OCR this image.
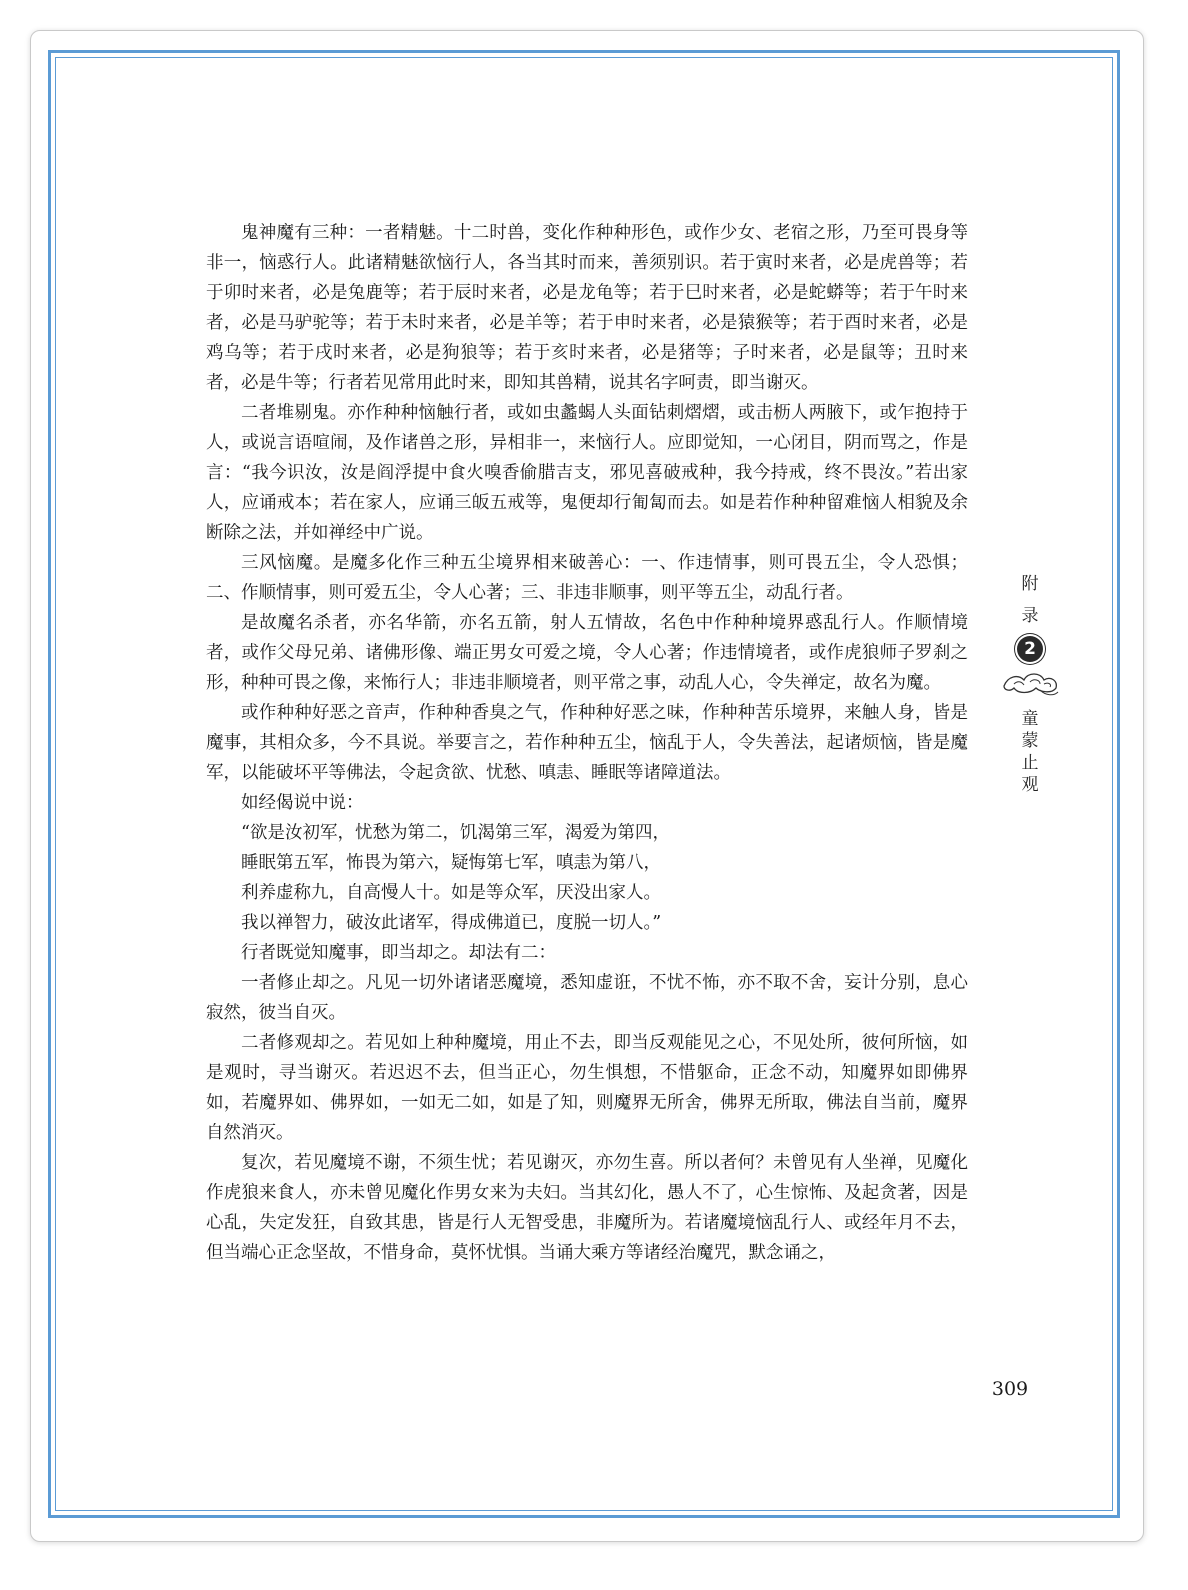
鬼神魔有三种：一者精魅。十二时兽，变化作种种形色，或作少女、老宿之形，乃至可畏身等非一，恼惑行人。此诸精魅欲恼行人，各当其时而来，善须别识。若于寅时来者，必是虎兽等；若于卯时来者，必是兔鹿等；若于辰时来者，必是龙龟等；若于巳时来者，必是蛇蟒等；若于午时来者，必是马驴驼等；若于未时来者，必是羊等；若于申时来者，必是猿猴等；若于酉时来者，必是鸡乌等；若于戌时来者，必是狗狼等；若于亥时来者，必是猪等；子时来者，必是鼠等；丑时来者，必是牛等；行者若见常用此时来，即知其兽精，说其名字呵责，即当谢灭。

二者堆剔鬼。亦作种种恼触行者，或如虫蠡蝎人头面钻刺熠熠，或击枥人两腋下，或乍抱持于人，或说言语喧闹，及作诸兽之形，异相非一，来恼行人。应即觉知，一心闭目，阴而骂之，作是言：“我今识汝，汝是阎浮提中食火嗅香偷腊吉支，邪见喜破戒种，我今持戒，终不畏汝。”若出家人，应诵戒本；若在家人，应诵三皈五戒等，鬼便却行匍匐而去。如是若作种种留难恼人相貌及余断除之法，并如禅经中广说。

三风恼魔。是魔多化作三种五尘境界相来破善心：一、作违情事，则可畏五尘，令人恐惧；二、作顺情事，则可爱五尘，令人心著；三、非违非顺事，则平等五尘，动乱行者。

是故魔名杀者，亦名华箭，亦名五箭，射人五情故，名色中作种种境界惑乱行人。作顺情境者，或作父母兄弟、诸佛形像、端正男女可爱之境，令人心著；作违情境者，或作虎狼师子罗刹之形，种种可畏之像，来怖行人；非违非顺境者，则平常之事，动乱人心，令失禅定，故名为魔。

或作种种好恶之音声，作种种香臭之气，作种种好恶之味，作种种苦乐境界，来触人身，皆是魔事，其相众多，今不具说。举要言之，若作种种五尘，恼乱于人，令失善法，起诸烦恼，皆是魔军，以能破坏平等佛法，令起贪欲、忧愁、嗔恚、睡眠等诸障道法。

如经偈说中说：

“欲是汝初军，忧愁为第二，饥渴第三军，渴爱为第四，

睡眠第五军，怖畏为第六，疑悔第七军，嗔恚为第八，

利养虚称九，自高慢人十。如是等众军，厌没出家人。

我以禅智力，破汝此诸军，得成佛道已，度脱一切人。”

行者既觉知魔事，即当却之。却法有二：

一者修止却之。凡见一切外诸诸恶魔境，悉知虚诳，不忧不怖，亦不取不舍，妄计分别，息心寂然，彼当自灭。

二者修观却之。若见如上种种魔境，用止不去，即当反观能见之心，不见处所，彼何所恼，如是观时，寻当谢灭。若迟迟不去，但当正心，勿生惧想，不惜躯命，正念不动，知魔界如即佛界如，若魔界如、佛界如，一如无二如，如是了知，则魔界无所舍，佛界无所取，佛法自当前，魔界自然消灭。

复次，若见魔境不谢，不须生忧；若见谢灭，亦勿生喜。所以者何？未曾见有人坐禅，见魔化作虎狼来食人，亦未曾见魔化作男女来为夫妇。当其幻化，愚人不了，心生惊怖、及起贪著，因是心乱，失定发狂，自致其患，皆是行人无智受患，非魔所为。若诸魔境恼乱行人、或经年月不去，但当端心正念坚故，不惜身命，莫怀忧惧。当诵大乘方等诸经治魔咒，默念诵之，

附
录
2
童
蒙
止
观
309
